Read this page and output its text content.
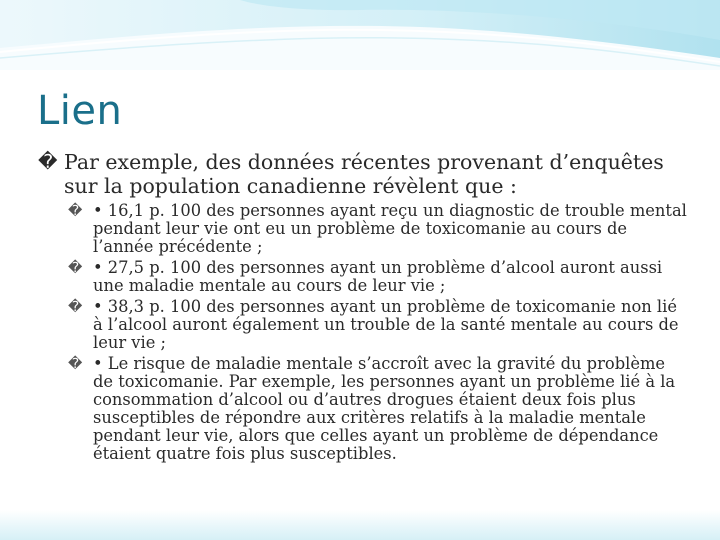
Lien

� Par exemple, des données récentes provenant d’enquêtes sur la population canadienne révèlent que :

� • 16,1 p. 100 des personnes ayant reçu un diagnostic de trouble mental pendant leur vie ont eu un problème de toxicomanie au cours de l’année précédente ;

� • 27,5 p. 100 des personnes ayant un problème d’alcool auront aussi une maladie mentale au cours de leur vie ;

� • 38,3 p. 100 des personnes ayant un problème de toxicomanie non lié à l’alcool auront également un trouble de la santé mentale au cours de leur vie ;

� • Le risque de maladie mentale s’accroît avec la gravité du problème de toxicomanie. Par exemple, les personnes ayant un problème lié à la consommation d’alcool ou d’autres drogues étaient deux fois plus susceptibles de répondre aux critères relatifs à la maladie mentale pendant leur vie, alors que celles ayant un problème de dépendance étaient quatre fois plus susceptibles.
